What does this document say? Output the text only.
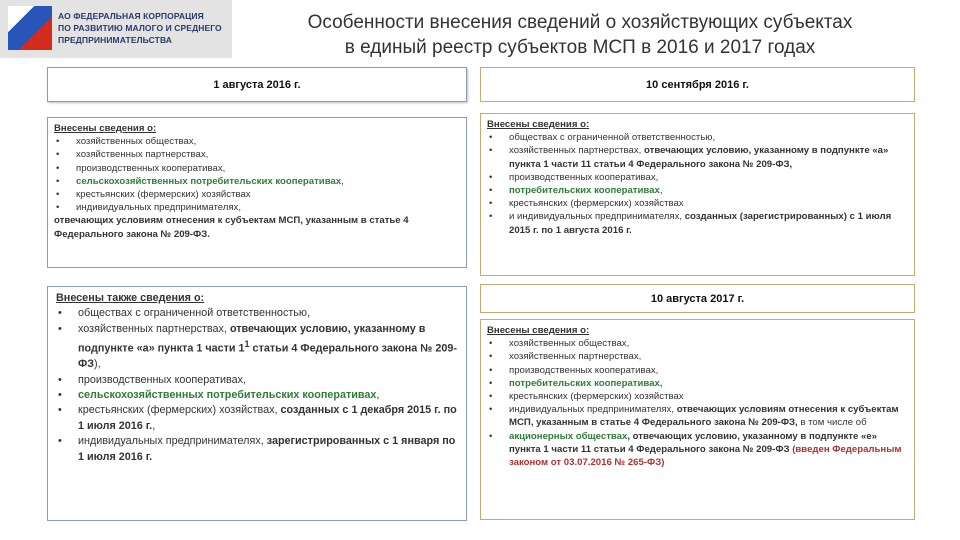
АО ФЕДЕРАЛЬНАЯ КОРПОРАЦИЯ
ПО РАЗВИТИЮ МАЛОГО И СРЕДНЕГО
ПРЕДПРИНИМАТЕЛЬСТВА
Особенности внесения сведений о хозяйствующих субъектах
в единый реестр субъектов МСП в 2016 и 2017 годах
1 августа 2016 г.
Внесены сведения о:
• хозяйственных обществах,
• хозяйственных партнерствах,
• производственных кооперативах,
• сельскохозяйственных потребительских кооперативах,
• крестьянских (фермерских) хозяйствах
• индивидуальных предпринимателях,
отвечающих условиям отнесения к субъектам МСП, указанным в статье 4 Федерального закона № 209-ФЗ.
Внесены также сведения о:
• обществах с ограниченной ответственностью,
• хозяйственных партнерствах, отвечающих условию, указанному в подпункте «а» пункта 1 части $1^1$ статьи 4 Федерального закона № 209-ФЗ),
• производственных кооперативах,
• сельскохозяйственных потребительских кооперативах,
• крестьянских (фермерских) хозяйствах, созданных с 1 декабря 2015 г. по 1 июля 2016 г.,
• индивидуальных предпринимателях, зарегистрированных с 1 января по 1 июля 2016 г.
10 сентября 2016 г.
Внесены сведения о:
• обществах с ограниченной ответственностью,
• хозяйственных партнерствах, отвечающих условию, указанному в подпункте «а» пункта 1 части 11 статьи 4 Федерального закона № 209-ФЗ,
• производственных кооперативах,
• потребительских кооперативах,
• крестьянских (фермерских) хозяйствах
• и индивидуальных предпринимателях, созданных (зарегистрированных) с 1 июля 2015 г. по 1 августа 2016 г.
10 августа 2017 г.
Внесены сведения о:
• хозяйственных обществах,
• хозяйственных партнерствах,
• производственных кооперативах,
• потребительских кооперативах,
• крестьянских (фермерских) хозяйствах
• индивидуальных предпринимателях, отвечающих условиям отнесения к субъектам МСП, указанным в статье 4 Федерального закона № 209-ФЗ, в том числе об
• акционерных обществах, отвечающих условию, указанному в подпункте «е» пункта 1 части 11 статьи 4 Федерального закона № 209-ФЗ (введен Федеральным законом от 03.07.2016 № 265-ФЗ)
